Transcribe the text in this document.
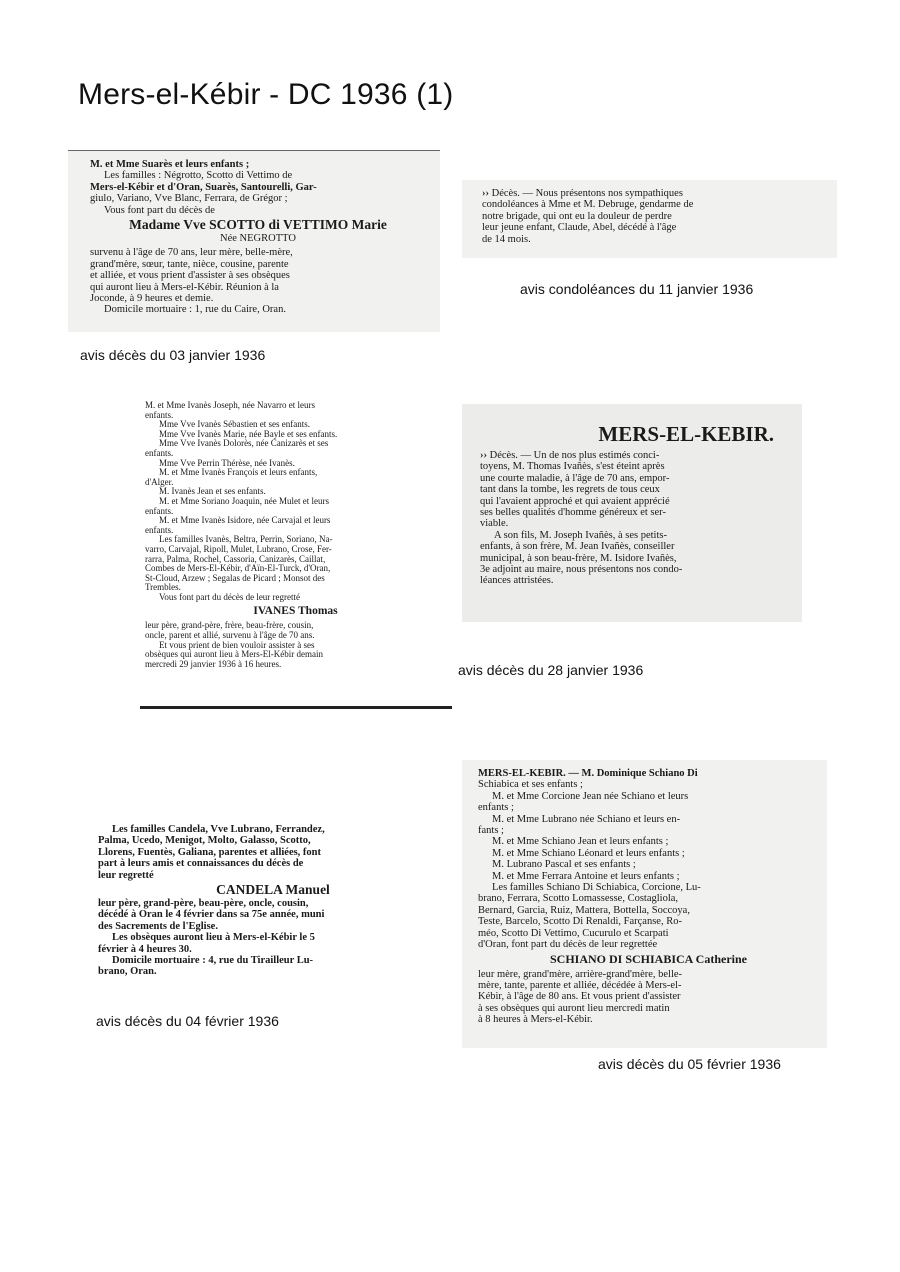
Mers-el-Kébir - DC 1936 (1)

M. et Mme Suarès et leurs enfants ;

Les familles : Négrotto, Scotto di Vettimo de

Mers-el-Kébir et d'Oran, Suarès, Santourelli, Gar-

giulo, Variano, Vve Blanc, Ferrara, de Grégor ;

Vous font part du décès de

Madame Vve SCOTTO di VETTIMO Marie

Née NEGROTTO

survenu à l'âge de 70 ans, leur mère, belle-mère,

grand'mère, sœur, tante, nièce, cousine, parente

et alliée, et vous prient d'assister à ses obsèques

qui auront lieu à Mers-el-Kébir. Réunion à la

Joconde, à 9 heures et demie.

Domicile mortuaire : 1, rue du Caire, Oran.

avis décès du 03 janvier 1936

›› Décès. — Nous présentons nos sympathiques

condoléances à Mme et M. Debruge, gendarme de

notre brigade, qui ont eu la douleur de perdre

leur jeune enfant, Claude, Abel, décédé à l'âge

de 14 mois.

avis condoléances du 11 janvier 1936

M. et Mme Ivanès Joseph, née Navarro et leurs

enfants.

Mme Vve Ivanès Sébastien et ses enfants.

Mme Vve Ivanès Marie, née Bayle et ses enfants.

Mme Vve Ivanès Dolorès, née Canizarès et ses

enfants.

Mme Vve Perrin Thérèse, née Ivanès.

M. et Mme Ivanès François et leurs enfants,

d'Alger.

M. Ivanès Jean et ses enfants.

M. et Mme Soriano Joaquin, née Mulet et leurs

enfants.

M. et Mme Ivanès Isidore, née Carvajal et leurs

enfants.

Les familles Ivanès, Beltra, Perrin, Soriano, Na-

varro, Carvajal, Ripoll, Mulet, Lubrano, Crose, Fer-

rarra, Palma, Rochel, Cassoria, Canizarès, Caillat,

Combes de Mers-El-Kébir, d'Aïn-El-Turck, d'Oran,

St-Cloud, Arzew ; Segalas de Picard ; Monsot des

Trembles.

Vous font part du décès de leur regretté

IVANES Thomas

leur père, grand-père, frère, beau-frère, cousin,

oncle, parent et allié, survenu à l'âge de 70 ans.

Et vous prient de bien vouloir assister à ses

obsèques qui auront lieu à Mers-El-Kébir demain

mercredi 29 janvier 1936 à 16 heures.

MERS-EL-KEBIR.

›› Décès. — Un de nos plus estimés conci-

toyens, M. Thomas Ivañès, s'est éteint après

une courte maladie, à l'âge de 70 ans, empor-

tant dans la tombe, les regrets de tous ceux

qui l'avaient approché et qui avaient apprécié

ses belles qualités d'homme généreux et ser-

viable.

A son fils, M. Joseph Ivañès, à ses petits-

enfants, à son frère, M. Jean Ivañès, conseiller

municipal, à son beau-frère, M. Isidore Ivañès,

3e adjoint au maire, nous présentons nos condo-

léances attristées.

avis décès du 28 janvier 1936

Les familles Candela, Vve Lubrano, Ferrandez,

Palma, Ucedo, Menigot, Molto, Galasso, Scotto,

Llorens, Fuentès, Galiana, parentes et alliées, font

part à leurs amis et connaissances du décès de

leur regretté

CANDELA Manuel

leur père, grand-père, beau-père, oncle, cousin,

décédé à Oran le 4 février dans sa 75e année, muni

des Sacrements de l'Eglise.

Les obsèques auront lieu à Mers-el-Kébir le 5

février à 4 heures 30.

Domicile mortuaire : 4, rue du Tirailleur Lu-

brano, Oran.

avis décès du 04 février 1936

MERS-EL-KEBIR. — M. Dominique Schiano Di

Schiabica et ses enfants ;

M. et Mme Corcione Jean née Schiano et leurs

enfants ;

M. et Mme Lubrano née Schiano et leurs en-

fants ;

M. et Mme Schiano Jean et leurs enfants ;

M. et Mme Schiano Léonard et leurs enfants ;

M. Lubrano Pascal et ses enfants ;

M. et Mme Ferrara Antoine et leurs enfants ;

Les familles Schiano Di Schiabica, Corcione, Lu-

brano, Ferrara, Scotto Lomassesse, Costagliola,

Bernard, Garcia, Ruiz, Mattera, Bottella, Soccoya,

Teste, Barcelo, Scotto Di Renaldi, Farçanse, Ro-

méo, Scotto Di Vettimo, Cucurulo et Scarpati

d'Oran, font part du décès de leur regrettée

SCHIANO DI SCHIABICA Catherine

leur mère, grand'mère, arrière-grand'mère, belle-

mère, tante, parente et alliée, décédée à Mers-el-

Kébir, à l'âge de 80 ans. Et vous prient d'assister

à ses obsèques qui auront lieu mercredi matin

à 8 heures à Mers-el-Kébir.

avis décès du 05 février 1936
